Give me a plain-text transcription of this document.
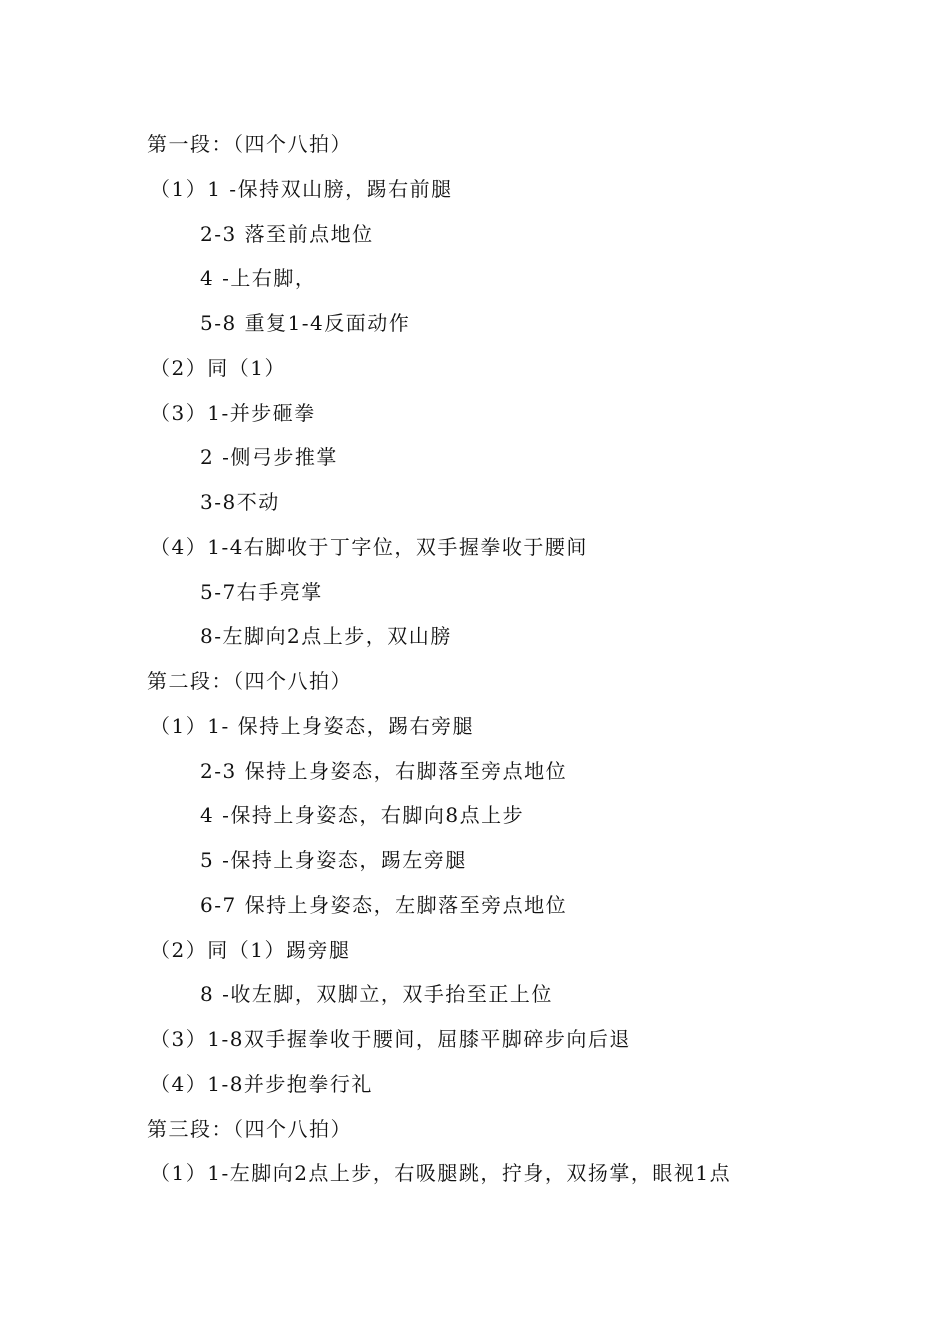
第一段：（四个八拍）
（1）1 -保持双山膀，踢右前腿
2-3 落至前点地位
4 -上右脚，
5-8 重复1-4反面动作
（2）同（1）
（3）1-并步砸拳
2 -侧弓步推掌
3-8不动
（4）1-4右脚收于丁字位，双手握拳收于腰间
5-7右手亮掌
8-左脚向2点上步，双山膀
第二段：（四个八拍）
（1）1- 保持上身姿态，踢右旁腿
2-3 保持上身姿态，右脚落至旁点地位
4 -保持上身姿态，右脚向8点上步
5 -保持上身姿态，踢左旁腿
6-7 保持上身姿态，左脚落至旁点地位
（2）同（1）踢旁腿
8 -收左脚，双脚立，双手抬至正上位
（3）1-8双手握拳收于腰间，屈膝平脚碎步向后退
（4）1-8并步抱拳行礼
第三段：（四个八拍）
（1）1-左脚向2点上步，右吸腿跳，拧身，双扬掌，眼视1点
